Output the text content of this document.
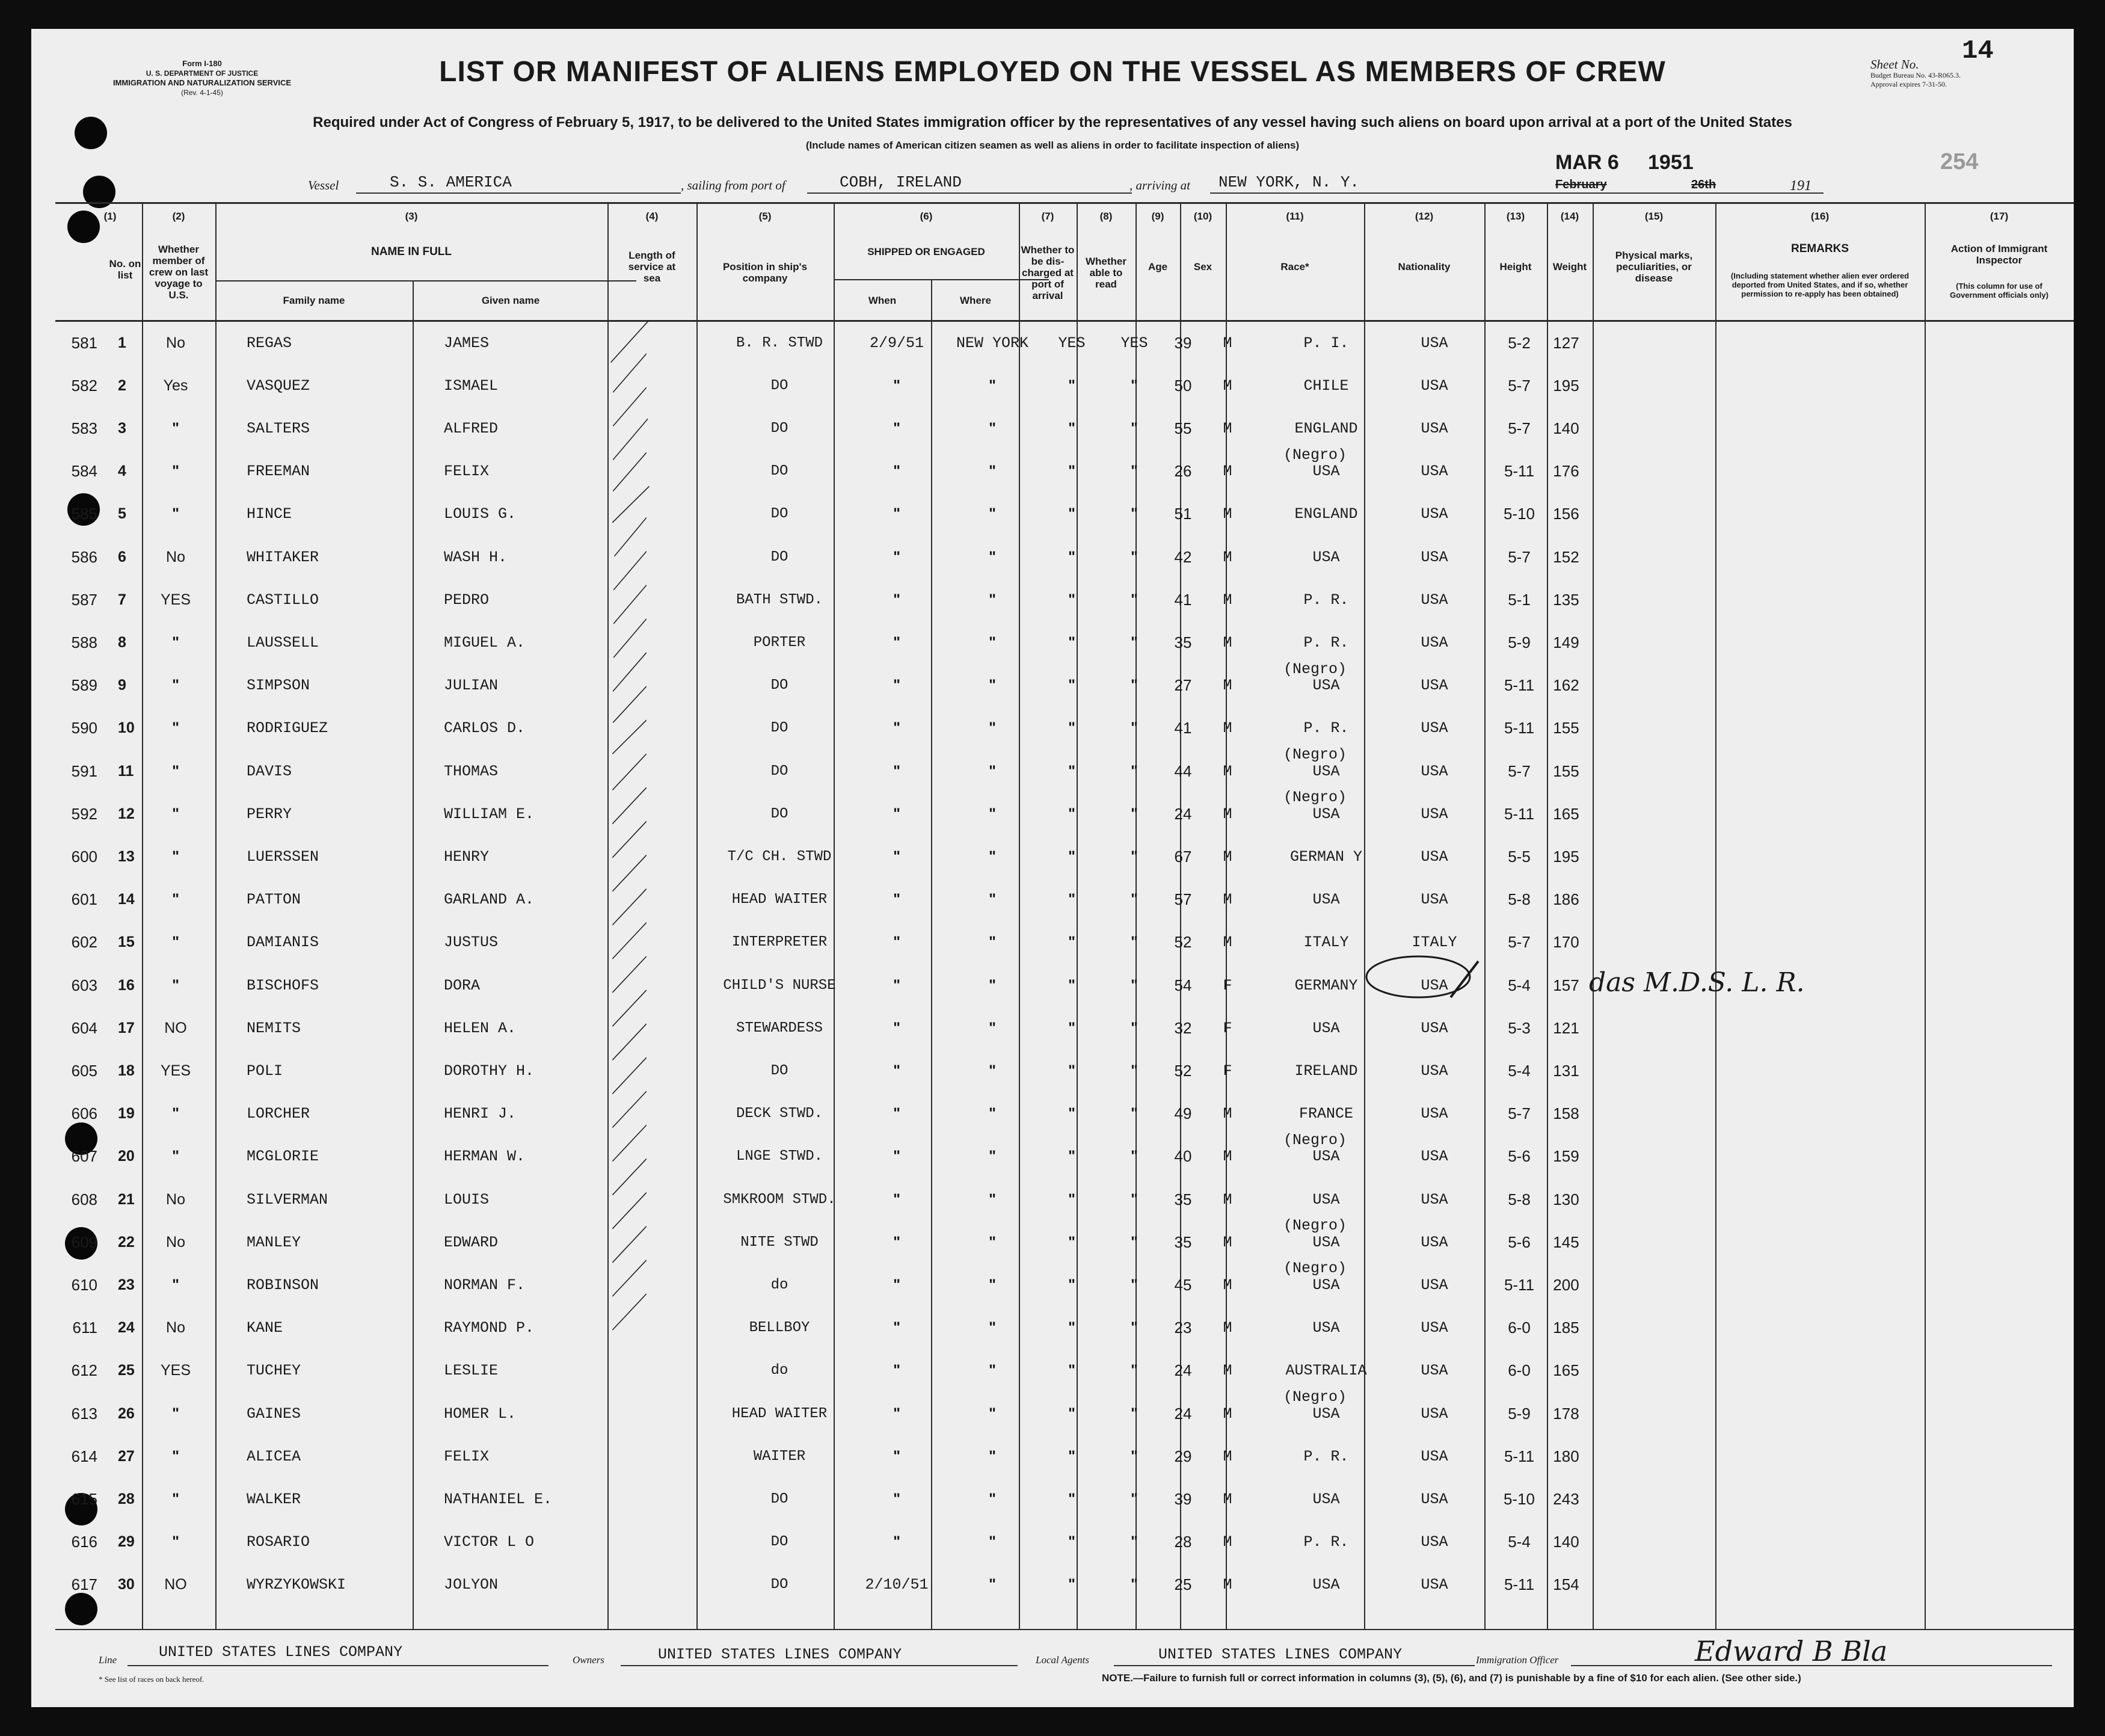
Form I-180
U. S. DEPARTMENT OF JUSTICE
IMMIGRATION AND NATURALIZATION SERVICE
(Rev. 4-1-45)
LIST OR MANIFEST OF ALIENS EMPLOYED ON THE VESSEL AS MEMBERS OF CREW	Sheet No.
Budget Bureau No. 43-R065.3.
Approval expires 7-31-50.
14
Required under Act of Congress of February 5, 1917, to be delivered to the United States immigration officer by the representatives of any vessel having such aliens on board upon arrival at a port of the United States
(Include names of American citizen seamen as well as aliens in order to facilitate inspection of aliens)
Vessel	S. S. AMERICA	, sailing from port of	COBH, IRELAND	, arriving at NEW YORK, N. Y.
MAR 6 1951
February	26th	191
254
(1)
No. on list
(2)
Whether member of crew on last voyage to U.S.
(3)
NAME IN FULL
Family name	Given name
(4)
Length of service at sea
(5)
Position in ship's company
(6)
SHIPPED OR ENGAGED
When	Where
(7)
Whether to be dis-charged at port of arrival
(8)
Whether able to read
(9)
Age
(10)
Sex
(11)
Race*
(12)
Nationality
(13)
Height
(14)
Weight
(15)
Physical marks, peculiarities, or disease
(16)
REMARKS
(Including statement whether alien ever ordered deported from United States, and if so, whether permission to re-apply has been obtained)
(17)
Action of Immigrant Inspector
(This column for use of Government officials only)
581 1	No	REGAS	JAMES	B. R. STWD	2/9/51	NEW YORK	YES	YES	39	M	P. I.	USA	5-2	127
582 2	Yes	VASQUEZ	ISMAEL	DO	"	"	"	"	50	M	CHILE	USA	5-7	195
583 3	"	SALTERS	ALFRED	DO	"	"	"	"	55	M	ENGLAND	USA	5-7	140
584 4	"	FREEMAN	FELIX	DO	"	"	"	"	26	M	USA	USA	5-11	176
(Negro)
585 5	"	HINCE	LOUIS G.	DO	"	"	"	"	51	M	ENGLAND	USA	5-10	156
586 6	No	WHITAKER	WASH H.	DO	"	"	"	"	42	M	USA	USA	5-7	152
587 7	YES	CASTILLO	PEDRO	BATH STWD.	"	"	"	"	41	M	P. R.	USA	5-1	135
588 8	"	LAUSSELL	MIGUEL A.	PORTER	"	"	"	"	35	M	P. R.	USA	5-9	149
589 9	"	SIMPSON	JULIAN	DO	"	"	"	"	27	M	USA	USA	5-11	162
(Negro)
590 10	"	RODRIGUEZ	CARLOS D.	DO	"	"	"	"	41	M	P. R.	USA	5-11	155
591 11	"	DAVIS	THOMAS	DO	"	"	"	"	44	M	USA	USA	5-7	155
(Negro)
592 12	"	PERRY	WILLIAM E.	DO	"	"	"	"	24	M	USA	USA	5-11	165
(Negro)
600 13	"	LUERSSEN	HENRY	T/C CH. STWD	"	"	"	"	67	M	GERMAN Y	USA	5-5	195
601 14	"	PATTON	GARLAND A.	HEAD WAITER	"	"	"	"	57	M	USA	USA	5-8	186
602 15	"	DAMIANIS	JUSTUS	INTERPRETER	"	"	"	"	52	M	ITALY	ITALY	5-7	170
603 16	"	BISCHOFS	DORA	CHILD'S NURSE	"	"	"	"	54	F	GERMANY	USA	5-4	157
604 17	NO	NEMITS	HELEN A.	STEWARDESS	"	"	"	"	32	F	USA	USA	5-3	121
605 18	YES	POLI	DOROTHY H.	DO	"	"	"	"	52	F	IRELAND	USA	5-4	131
606 19	"	LORCHER	HENRI J.	DECK STWD.	"	"	"	"	49	M	FRANCE	USA	5-7	158
607 20	"	MCGLORIE	HERMAN W.	LNGE STWD.	"	"	"	"	40	M	USA	USA	5-6	159
(Negro)
608 21	No	SILVERMAN	LOUIS	SMKROOM STWD.	"	"	"	"	35	M	USA	USA	5-8	130
609 22	No	MANLEY	EDWARD	NITE STWD	"	"	"	"	35	M	USA	USA	5-6	145
(Negro)
610 23	"	ROBINSON	NORMAN F.	do	"	"	"	"	45	M	USA	USA	5-11	200
(Negro)
611 24	No	KANE	RAYMOND P.	BELLBOY	"	"	"	"	23	M	USA	USA	6-0	185
612 25	YES	TUCHEY	LESLIE	do	"	"	"	"	24	M	AUSTRALIA	USA	6-0	165
613 26	"	GAINES	HOMER L.	HEAD WAITER	"	"	"	"	24	M	USA	USA	5-9	178
(Negro)
614 27	"	ALICEA	FELIX	WAITER	"	"	"	"	29	M	P. R.	USA	5-11	180
615 28	"	WALKER	NATHANIEL E.	DO	"	"	"	"	39	M	USA	USA	5-10	243
616 29	"	ROSARIO	VICTOR L O	DO	"	"	"	"	28	M	P. R.	USA	5-4	140
617 30	NO	WYRZYKOWSKI	JOLYON	DO	2/10/51	"	"	"	25	M	USA	USA	5-11	154
das M.D.S. L. R.
Line	UNITED STATES LINES COMPANY	Owners	UNITED STATES LINES COMPANY	Local Agents	UNITED STATES LINES COMPANY	Immigration Officer	Edward B Bla
* See list of races on back hereof.	NOTE.—Failure to furnish full or correct information in columns (3), (5), (6), and (7) is punishable by a fine of $10 for each alien. (See other side.)
